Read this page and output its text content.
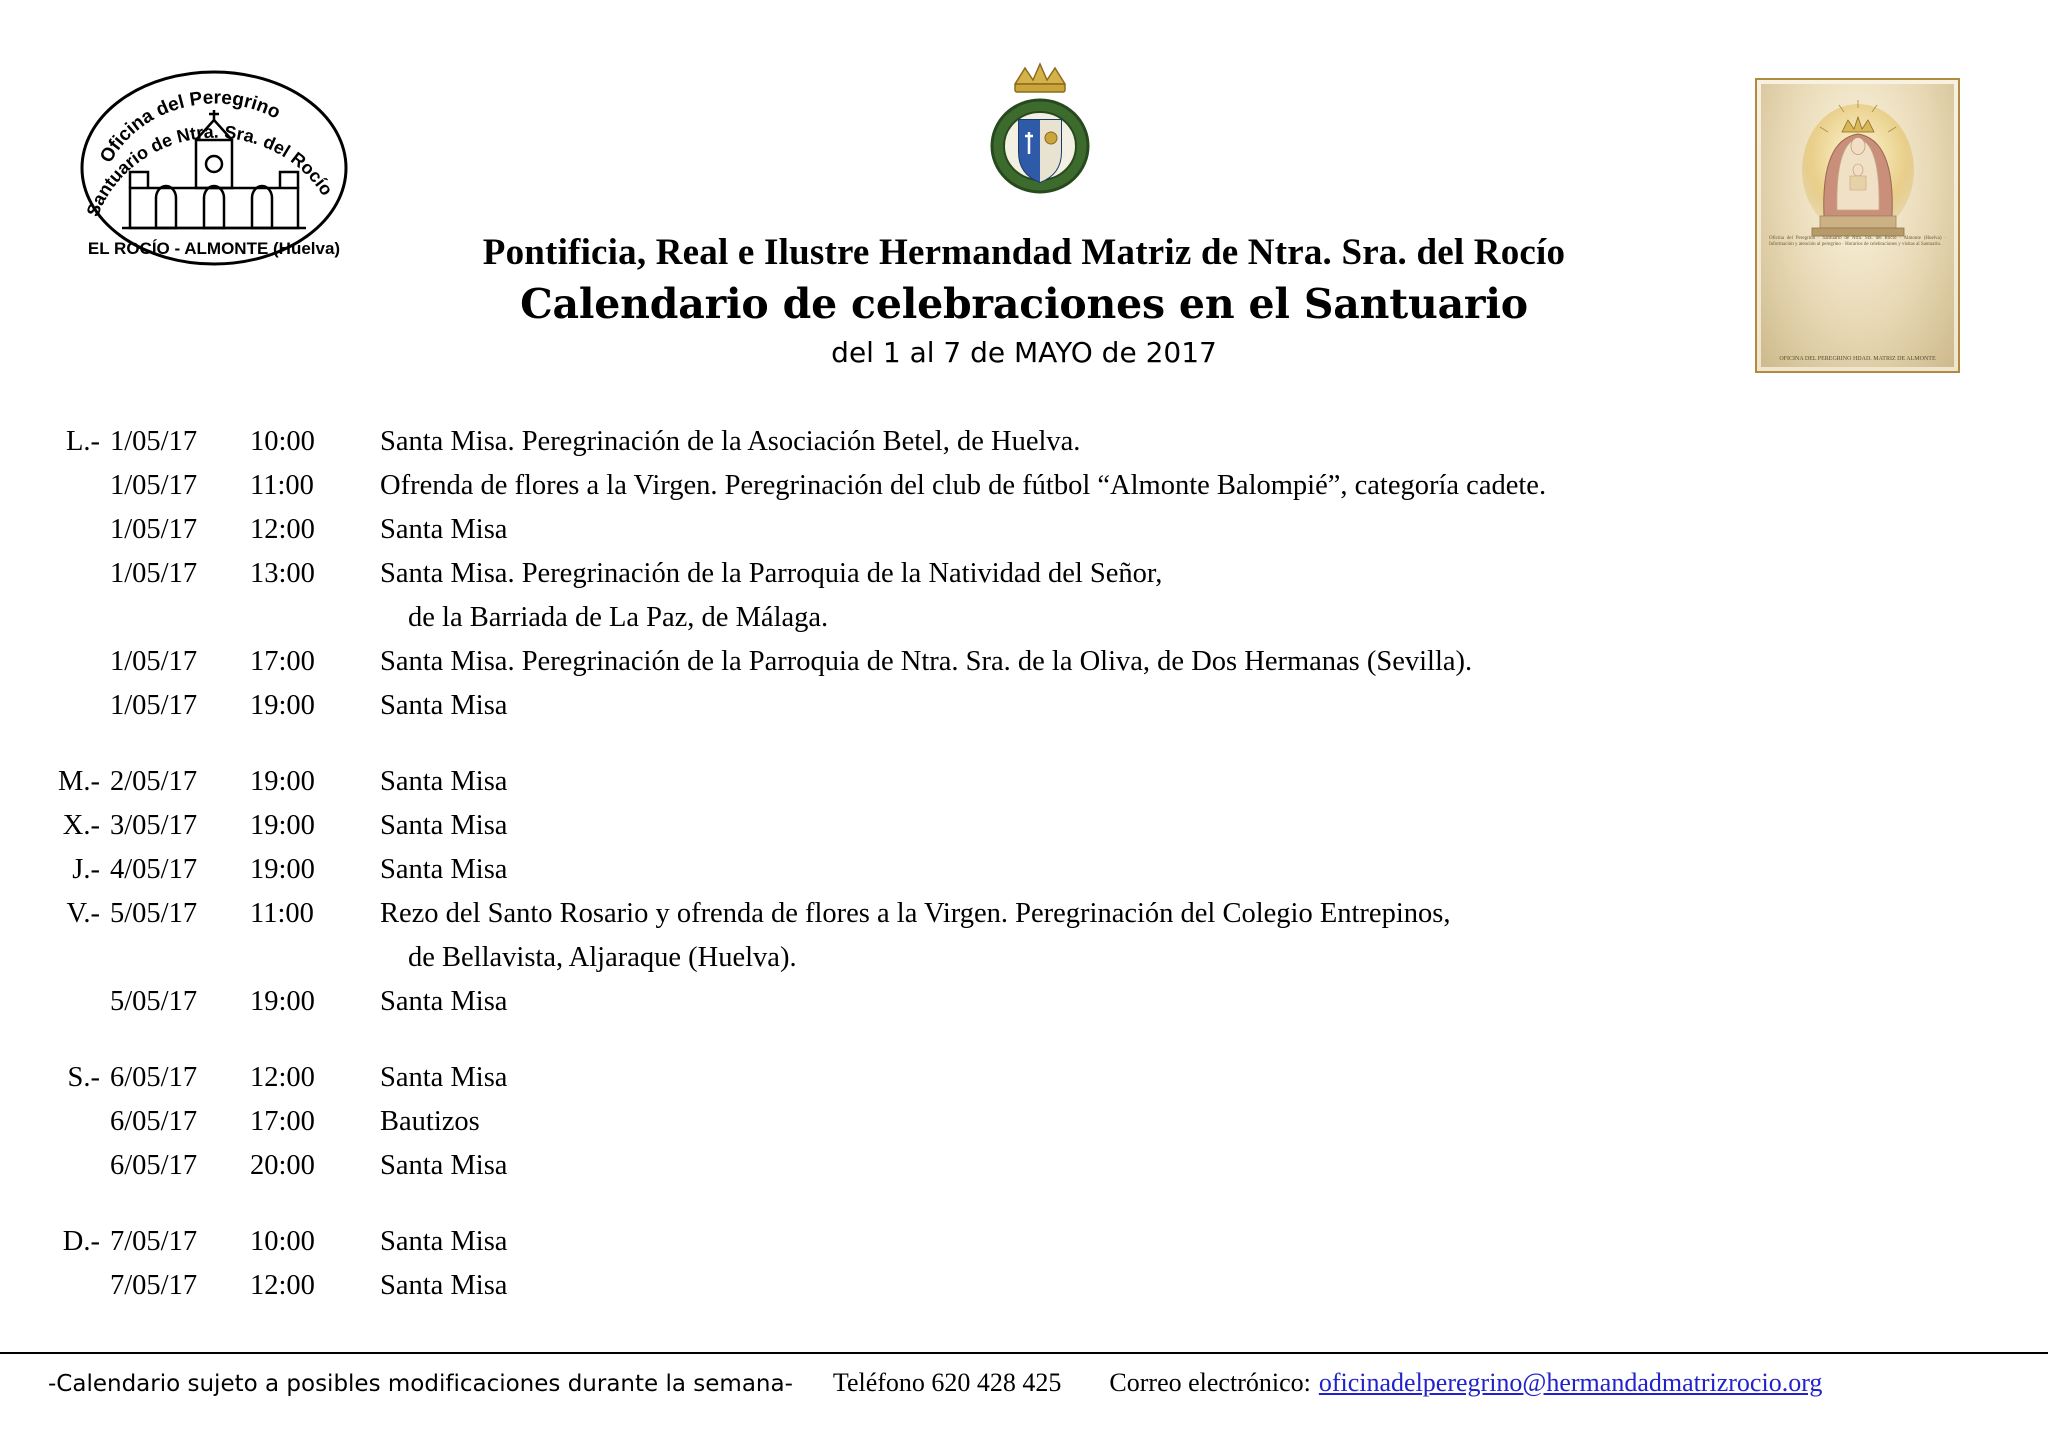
Oficina del Peregrino
Santuario de Ntra. Sra. del Rocío
EL ROCÍO - ALMONTE (Huelva)
Oficina del Peregrino · Santuario de Ntra. Sra. del Rocío · Almonte (Huelva) · Información y atención al peregrino · Horarios de celebraciones y visitas al Santuario.
OFICINA DEL PEREGRINO HDAD. MATRIZ DE ALMONTE
Pontificia, Real e Ilustre Hermandad Matriz de Ntra. Sra. del Rocío
Calendario de celebraciones en el Santuario
del 1 al 7 de MAYO de 2017
L.- 1/05/17	10:00	Santa Misa. Peregrinación de la Asociación Betel, de Huelva.
1/05/17	11:00	Ofrenda de flores a la Virgen. Peregrinación del club de fútbol “Almonte Balompié”, categoría cadete.
1/05/17	12:00	Santa Misa
1/05/17	13:00	Santa Misa. Peregrinación de la Parroquia de la Natividad del Señor,
de la Barriada de La Paz, de Málaga.
1/05/17	17:00	Santa Misa. Peregrinación de la Parroquia de Ntra. Sra. de la Oliva, de Dos Hermanas (Sevilla).
1/05/17	19:00	Santa Misa
M.- 2/05/17	19:00	Santa Misa
X.- 3/05/17	19:00	Santa Misa
J.- 4/05/17	19:00	Santa Misa
V.- 5/05/17	11:00	Rezo del Santo Rosario y ofrenda de flores a la Virgen. Peregrinación del Colegio Entrepinos,
de Bellavista, Aljaraque (Huelva).
5/05/17	19:00	Santa Misa
S.- 6/05/17	12:00	Santa Misa
6/05/17	17:00	Bautizos
6/05/17	20:00	Santa Misa
D.- 7/05/17	10:00	Santa Misa
7/05/17	12:00	Santa Misa
-Calendario sujeto a posibles modificaciones durante la semana- Teléfono 620 428 425 Correo electrónico: oficinadelperegrino@hermandadmatrizrocio.org
